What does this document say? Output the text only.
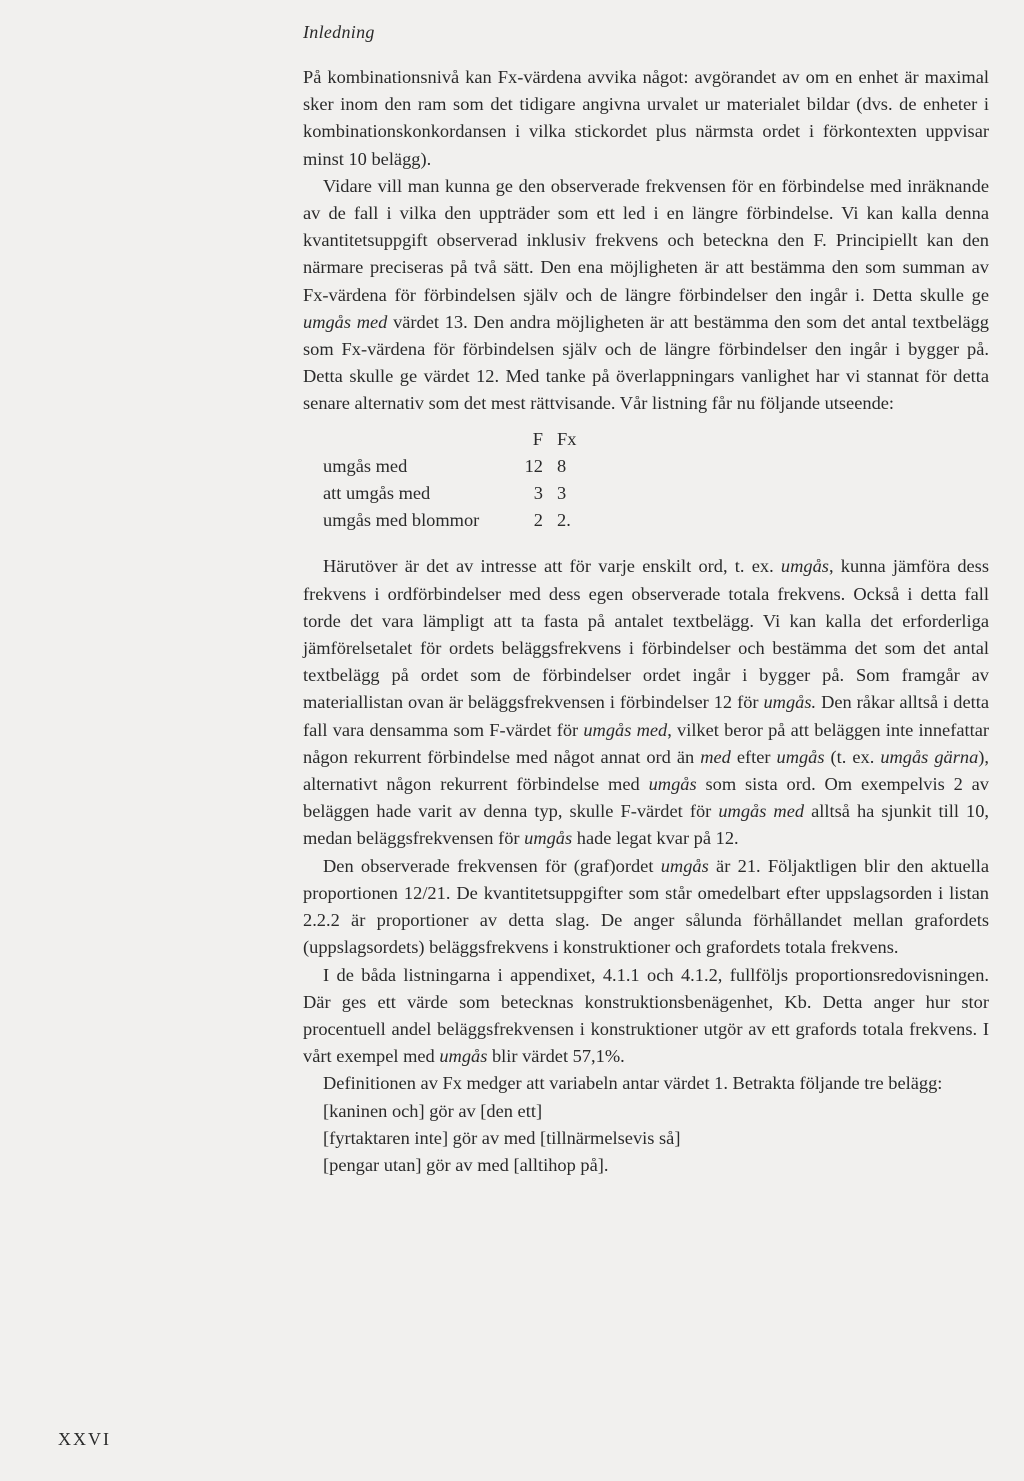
Inledning

På kombinationsnivå kan Fx-värdena avvika något: avgörandet av om en enhet är maximal sker inom den ram som det tidigare angivna urvalet ur materialet bildar (dvs. de enheter i kombinationskonkordansen i vilka stickordet plus närmsta ordet i förkontexten uppvisar minst 10 belägg).

Vidare vill man kunna ge den observerade frekvensen för en förbindelse med inräknande av de fall i vilka den uppträder som ett led i en längre förbindelse. Vi kan kalla denna kvantitetsuppgift observerad inklusiv frekvens och beteckna den F. Principiellt kan den närmare preciseras på två sätt. Den ena möjligheten är att bestämma den som summan av Fx-värdena för förbindelsen själv och de längre förbindelser den ingår i. Detta skulle ge umgås med värdet 13. Den andra möjligheten är att bestämma den som det antal textbelägg som Fx-värdena för förbindelsen själv och de längre förbindelser den ingår i bygger på. Detta skulle ge värdet 12. Med tanke på överlappningars vanlighet har vi stannat för detta senare alternativ som det mest rättvisande. Vår listning får nu följande utseende:

	F	Fx
umgås med	12	8
att umgås med	3	3
umgås med blommor	2	2.

Härutöver är det av intresse att för varje enskilt ord, t. ex. umgås, kunna jämföra dess frekvens i ordförbindelser med dess egen observerade totala frekvens. Också i detta fall torde det vara lämpligt att ta fasta på antalet textbelägg. Vi kan kalla det erforderliga jämförelsetalet för ordets beläggsfrekvens i förbindelser och bestämma det som det antal textbelägg på ordet som de förbindelser ordet ingår i bygger på. Som framgår av materiallistan ovan är beläggsfrekvensen i förbindelser 12 för umgås. Den råkar alltså i detta fall vara densamma som F-värdet för umgås med, vilket beror på att beläggen inte innefattar någon rekurrent förbindelse med något annat ord än med efter umgås (t. ex. umgås gärna), alternativt någon rekurrent förbindelse med umgås som sista ord. Om exempelvis 2 av beläggen hade varit av denna typ, skulle F-värdet för umgås med alltså ha sjunkit till 10, medan beläggsfrekvensen för umgås hade legat kvar på 12.

Den observerade frekvensen för (graf)ordet umgås är 21. Följaktligen blir den aktuella proportionen 12/21. De kvantitetsuppgifter som står omedelbart efter uppslagsorden i listan 2.2.2 är proportioner av detta slag. De anger sålunda förhållandet mellan grafordets (uppslagsordets) beläggsfrekvens i konstruktioner och grafordets totala frekvens.

I de båda listningarna i appendixet, 4.1.1 och 4.1.2, fullföljs proportionsredovisningen. Där ges ett värde som betecknas konstruktionsbenägenhet, Kb. Detta anger hur stor procentuell andel beläggsfrekvensen i konstruktioner utgör av ett grafords totala frekvens. I vårt exempel med umgås blir värdet 57,1%.

Definitionen av Fx medger att variabeln antar värdet 1. Betrakta följande tre belägg:

[kaninen och] gör av [den ett]

[fyrtaktaren inte] gör av med [tillnärmelsevis så]

[pengar utan] gör av med [alltihop på].

XXVI
